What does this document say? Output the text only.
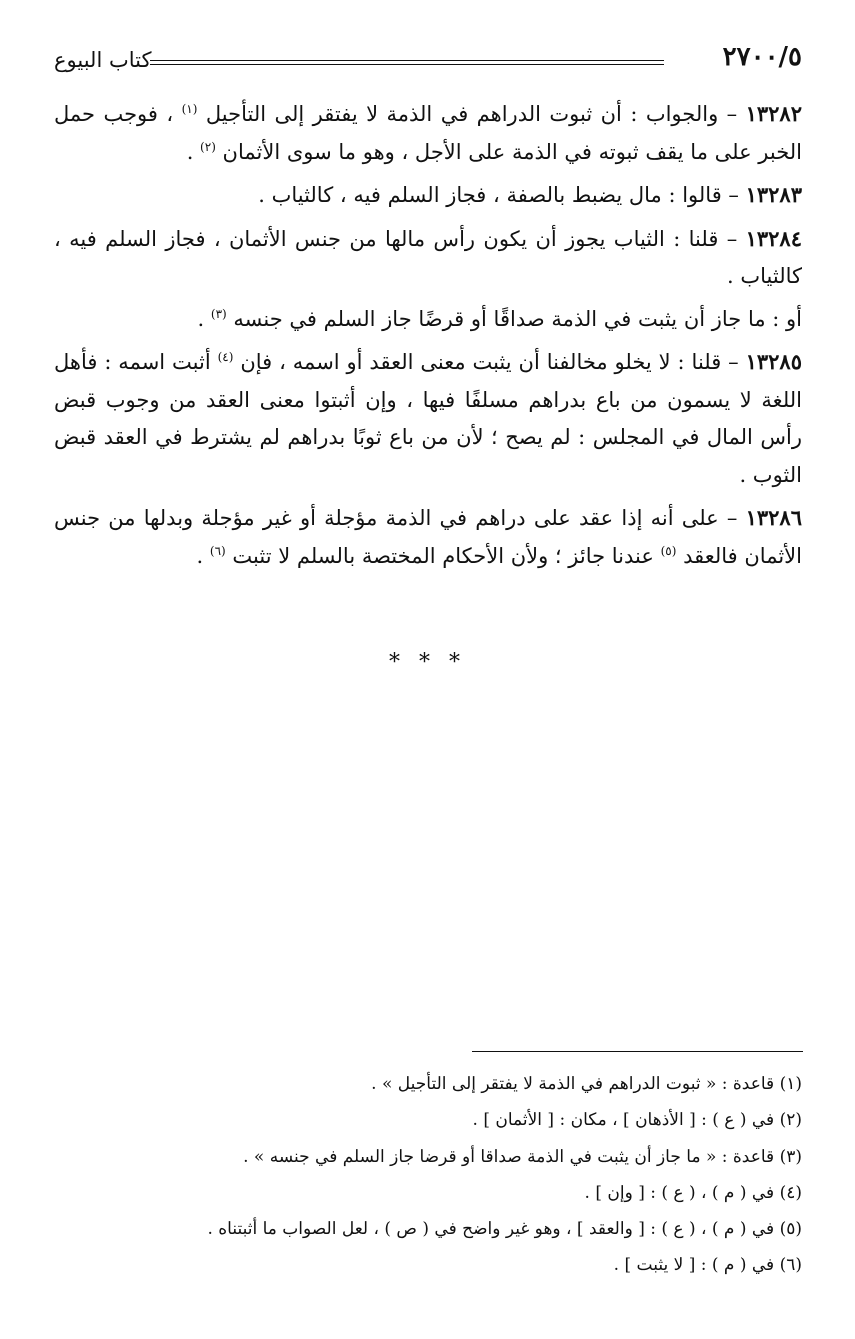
٢٧٠٠/٥
كتاب البيوع

١٣٢٨٢ – والجواب : أن ثبوت الدراهم في الذمة لا يفتقر إلى التأجيل $^{(١)}$ ، فوجب حمل الخبر على ما يقف ثبوته في الذمة على الأجل ، وهو ما سوى الأثمان $^{(٢)}$ .

١٣٢٨٣ – قالوا : مال يضبط بالصفة ، فجاز السلم فيه ، كالثياب .

١٣٢٨٤ – قلنا : الثياب يجوز أن يكون رأس مالها من جنس الأثمان ، فجاز السلم فيه ، كالثياب .

أو : ما جاز أن يثبت في الذمة صداقًا أو قرضًا جاز السلم في جنسه $^{(٣)}$ .

١٣٢٨٥ – قلنا : لا يخلو مخالفنا أن يثبت معنى العقد أو اسمه ، فإن $^{(٤)}$ أثبت اسمه : فأهل اللغة لا يسمون من باع بدراهم مسلفًا فيها ، وإن أثبتوا معنى العقد من وجوب قبض رأس المال في المجلس : لم يصح ؛ لأن من باع ثوبًا بدراهم لم يشترط في العقد قبض الثوب .

١٣٢٨٦ – على أنه إذا عقد على دراهم في الذمة مؤجلة أو غير مؤجلة وبدلها من جنس الأثمان فالعقد $^{(٥)}$ عندنا جائز ؛ ولأن الأحكام المختصة بالسلم لا تثبت $^{(٦)}$ .

* * *
(١) قاعدة : « ثبوت الدراهم في الذمة لا يفتقر إلى التأجيل » .
(٢) في ( ع ) : [ الأذهان ] ، مكان : [ الأثمان ] .
(٣) قاعدة : « ما جاز أن يثبت في الذمة صداقا أو قرضا جاز السلم في جنسه » .
(٤) في ( م ) ، ( ع ) : [ وإن ] .
(٥) في ( م ) ، ( ع ) : [ والعقد ] ، وهو غير واضح في ( ص ) ، لعل الصواب ما أثبتناه .
(٦) في ( م ) : [ لا يثبت ] .
